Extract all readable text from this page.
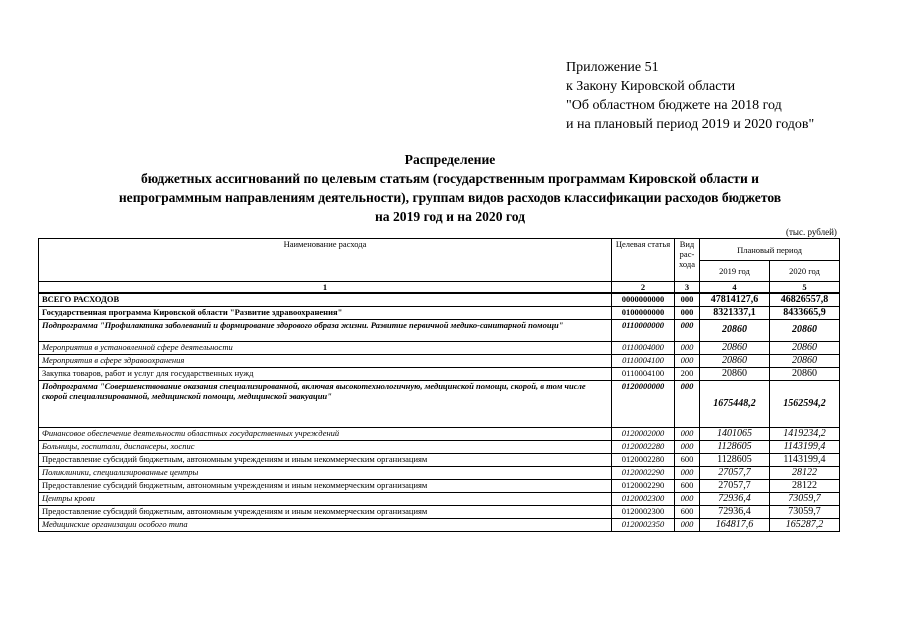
Приложение 51
к Закону Кировской области
"Об областном бюджете на 2018 год
и на плановый период 2019 и 2020 годов"
Распределение
бюджетных ассигнований по целевым статьям (государственным программам Кировской области и
непрограммным направлениям деятельности), группам видов расходов классификации расходов бюджетов
на 2019 год и на 2020 год
(тыс. рублей)
Наименование расхода	Целевая статья	Вид рас-хода	Плановый период	
			2019 год	2020 год
1	2	3	4	5
ВСЕГО РАСХОДОВ	0000000000	000	47814127,6	46826557,8
Государственная программа Кировской области "Развитие здравоохранения"	0100000000	000	8321337,1	8433665,9
Подпрограмма "Профилактика заболеваний и формирование здорового образа жизни. Развитие первичной медико-санитарной помощи"	0110000000	000	20860	20860
Мероприятия в установленной сфере деятельности	0110004000	000	20860	20860
Мероприятия в сфере здравоохранения	0110004100	000	20860	20860
Закупка товаров, работ и услуг для государственных нужд	0110004100	200	20860	20860
Подпрограмма "Совершенствование оказания специализированной, включая высокотехнологичную, медицинской помощи, скорой, в том числе скорой специализированной, медицинской помощи, медицинской эвакуации"	0120000000	000	1675448,2	1562594,2
Финансовое обеспечение деятельности областных государственных учреждений	0120002000	000	1401065	1419234,2
Больницы, госпитали, диспансеры, хоспис	0120002280	000	1128605	1143199,4
Предоставление субсидий бюджетным, автономным учреждениям и иным некоммерческим организациям	0120002280	600	1128605	1143199,4
Поликлиники, специализированные центры	0120002290	000	27057,7	28122
Предоставление субсидий бюджетным, автономным учреждениям и иным некоммерческим организациям	0120002290	600	27057,7	28122
Центры крови	0120002300	000	72936,4	73059,7
Предоставление субсидий бюджетным, автономным учреждениям и иным некоммерческим организациям	0120002300	600	72936,4	73059,7
Медицинские организации особого типа	0120002350	000	164817,6	165287,2
